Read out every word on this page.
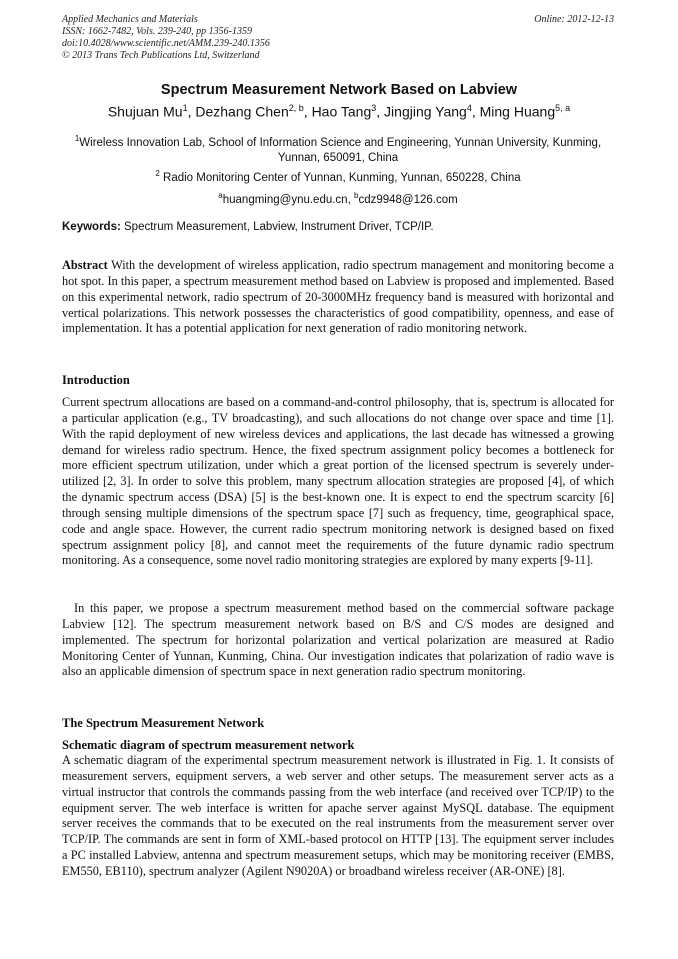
Applied Mechanics and Materials
ISSN: 1662-7482, Vols. 239-240, pp 1356-1359
doi:10.4028/www.scientific.net/AMM.239-240.1356
© 2013 Trans Tech Publications Ltd, Switzerland
Online: 2012-12-13
Spectrum Measurement Network Based on Labview
Shujuan Mu$^1$, Dezhang Chen$^{2, b}$, Hao Tang$^3$, Jingjing Yang$^4$, Ming Huang$^{5, a}$
$^1$Wireless Innovation Lab, School of Information Science and Engineering, Yunnan University, Kunming, Yunnan, 650091, China
$^2$ Radio Monitoring Center of Yunnan, Kunming, Yunnan, 650228, China
$^a$huangming@ynu.edu.cn, $^b$cdz9948@126.com
Keywords: Spectrum Measurement, Labview, Instrument Driver, TCP/IP.
Abstract With the development of wireless application, radio spectrum management and monitoring become a hot spot. In this paper, a spectrum measurement method based on Labview is proposed and implemented. Based on this experimental network, radio spectrum of 20-3000MHz frequency band is measured with horizontal and vertical polarizations. This network possesses the characteristics of good compatibility, openness, and ease of implementation. It has a potential application for next generation of radio monitoring network.
Introduction

Current spectrum allocations are based on a command-and-control philosophy, that is, spectrum is allocated for a particular application (e.g., TV broadcasting), and such allocations do not change over space and time [1]. With the rapid deployment of new wireless devices and applications, the last decade has witnessed a growing demand for wireless radio spectrum. Hence, the fixed spectrum assignment policy becomes a bottleneck for more efficient spectrum utilization, under which a great portion of the licensed spectrum is severely under-utilized [2, 3]. In order to solve this problem, many spectrum allocation strategies are proposed [4], of which the dynamic spectrum access (DSA) [5] is the best-known one. It is expect to end the spectrum scarcity [6] through sensing multiple dimensions of the spectrum space [7] such as frequency, time, geographical space, code and angle space. However, the current radio spectrum monitoring network is designed based on fixed spectrum assignment policy [8], and cannot meet the requirements of the future dynamic radio spectrum monitoring. As a consequence, some novel radio monitoring strategies are explored by many experts [9-11].

In this paper, we propose a spectrum measurement method based on the commercial software package Labview [12]. The spectrum measurement network based on B/S and C/S modes are designed and implemented. The spectrum for horizontal polarization and vertical polarization are measured at Radio Monitoring Center of Yunnan, Kunming, China. Our investigation indicates that polarization of radio wave is also an applicable dimension of spectrum space in next generation radio spectrum monitoring.

The Spectrum Measurement Network
Schematic diagram of spectrum measurement network

A schematic diagram of the experimental spectrum measurement network is illustrated in Fig. 1. It consists of measurement servers, equipment servers, a web server and other setups. The measurement server acts as a virtual instructor that controls the commands passing from the web interface (and received over TCP/IP) to the equipment server. The web interface is written for apache server against MySQL database. The equipment server receives the commands that to be executed on the real instruments from the measurement server over TCP/IP. The commands are sent in form of XML-based protocol on HTTP [13]. The equipment server includes a PC installed Labview, antenna and spectrum measurement setups, which may be monitoring receiver (EMBS, EM550, EB110), spectrum analyzer (Agilent N9020A) or broadband wireless receiver (AR-ONE) [8].
